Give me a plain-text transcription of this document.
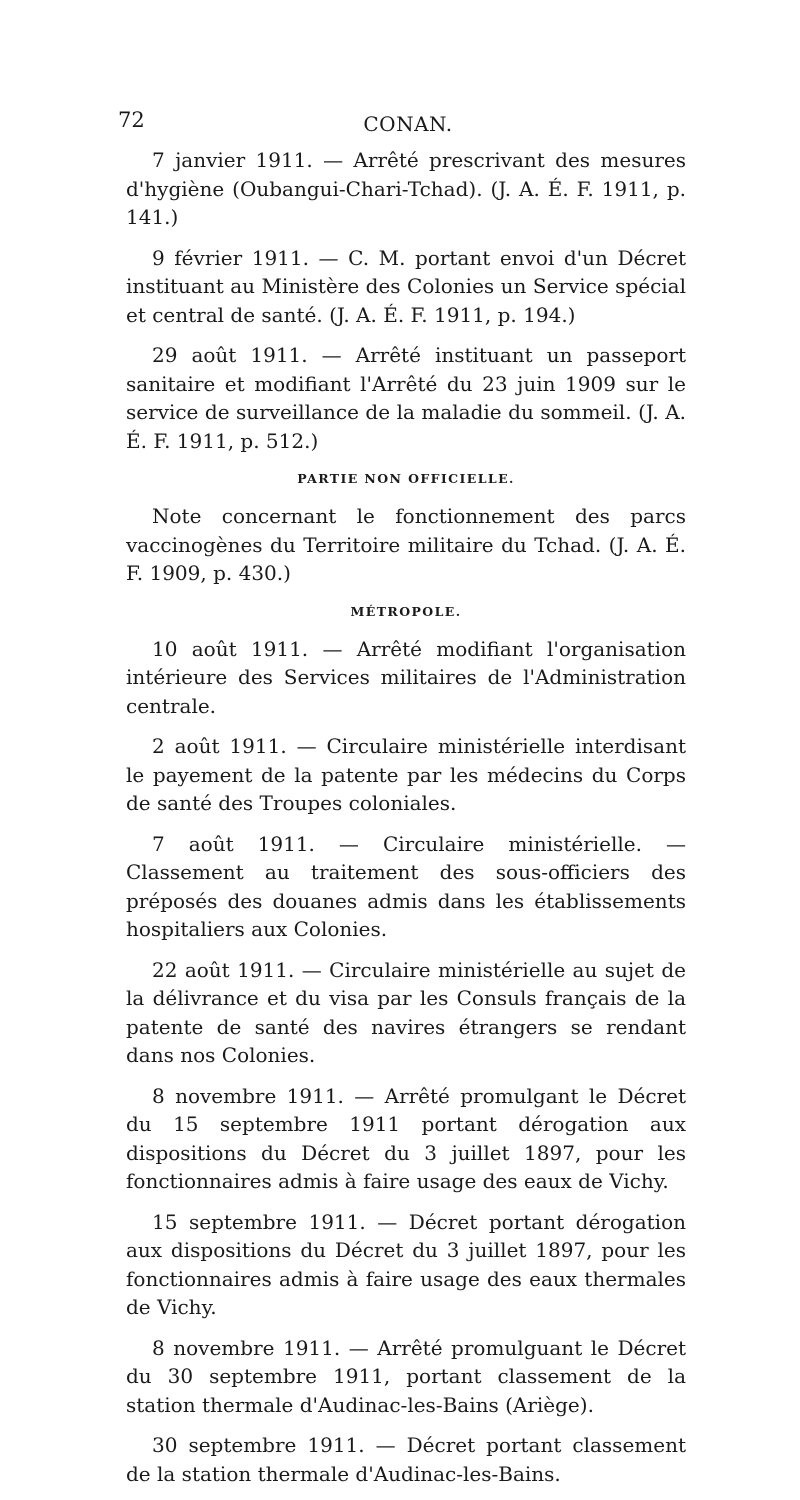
72	CONAN.

7 janvier 1911. — Arrêté prescrivant des mesures d'hygiène (Oubangui-Chari-Tchad). (J. A. É. F. 1911, p. 141.)

9 février 1911. — C. M. portant envoi d'un Décret instituant au Ministère des Colonies un Service spécial et central de santé. (J. A. É. F. 1911, p. 194.)

29 août 1911. — Arrêté instituant un passeport sanitaire et modifiant l'Arrêté du 23 juin 1909 sur le service de surveillance de la maladie du sommeil. (J. A. É. F. 1911, p. 512.)

PARTIE NON OFFICIELLE.

Note concernant le fonctionnement des parcs vaccinogènes du Territoire militaire du Tchad. (J. A. É. F. 1909, p. 430.)

MÉTROPOLE.

10 août 1911. — Arrêté modifiant l'organisation intérieure des Services militaires de l'Administration centrale.

2 août 1911. — Circulaire ministérielle interdisant le payement de la patente par les médecins du Corps de santé des Troupes coloniales.

7 août 1911. — Circulaire ministérielle. — Classement au traitement des sous-officiers des préposés des douanes admis dans les établissements hospitaliers aux Colonies.

22 août 1911. — Circulaire ministérielle au sujet de la délivrance et du visa par les Consuls français de la patente de santé des navires étrangers se rendant dans nos Colonies.

8 novembre 1911. — Arrêté promulgant le Décret du 15 septembre 1911 portant dérogation aux dispositions du Décret du 3 juillet 1897, pour les fonctionnaires admis à faire usage des eaux de Vichy.

15 septembre 1911. — Décret portant dérogation aux dispositions du Décret du 3 juillet 1897, pour les fonctionnaires admis à faire usage des eaux thermales de Vichy.

8 novembre 1911. — Arrêté promulguant le Décret du 30 septembre 1911, portant classement de la station thermale d'Audinac-les-Bains (Ariège).

30 septembre 1911. — Décret portant classement de la station thermale d'Audinac-les-Bains.
